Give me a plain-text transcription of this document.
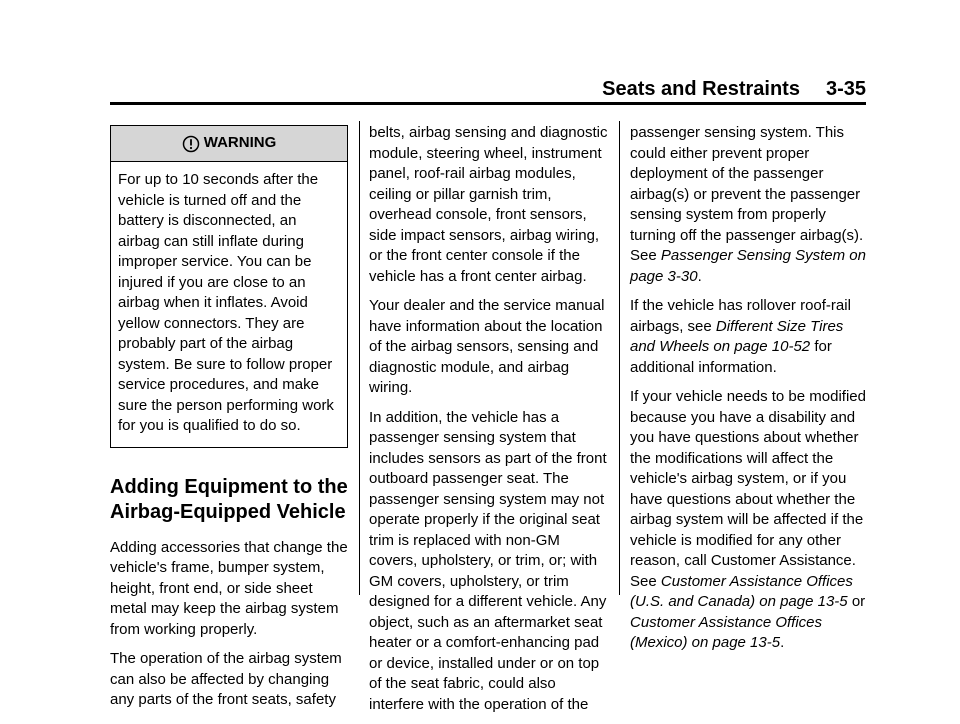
Seats and Restraints 3-35
WARNING
For up to 10 seconds after the vehicle is turned off and the battery is disconnected, an airbag can still inflate during improper service. You can be injured if you are close to an airbag when it inflates. Avoid yellow connectors. They are probably part of the airbag system. Be sure to follow proper service procedures, and make sure the person performing work for you is qualified to do so.
Adding Equipment to the Airbag-Equipped Vehicle

Adding accessories that change the vehicle's frame, bumper system, height, front end, or side sheet metal may keep the airbag system from working properly.

The operation of the airbag system can also be affected by changing any parts of the front seats, safety

belts, airbag sensing and diagnostic module, steering wheel, instrument panel, roof-rail airbag modules, ceiling or pillar garnish trim, overhead console, front sensors, side impact sensors, airbag wiring, or the front center console if the vehicle has a front center airbag.

Your dealer and the service manual have information about the location of the airbag sensors, sensing and diagnostic module, and airbag wiring.

In addition, the vehicle has a passenger sensing system that includes sensors as part of the front outboard passenger seat. The passenger sensing system may not operate properly if the original seat trim is replaced with non-GM covers, upholstery, or trim, or; with GM covers, upholstery, or trim designed for a different vehicle. Any object, such as an aftermarket seat heater or a comfort-enhancing pad or device, installed under or on top of the seat fabric, could also interfere with the operation of the

passenger sensing system. This could either prevent proper deployment of the passenger airbag(s) or prevent the passenger sensing system from properly turning off the passenger airbag(s). See Passenger Sensing System on page 3-30.

If the vehicle has rollover roof-rail airbags, see Different Size Tires and Wheels on page 10-52 for additional information.

If your vehicle needs to be modified because you have a disability and you have questions about whether the modifications will affect the vehicle's airbag system, or if you have questions about whether the airbag system will be affected if the vehicle is modified for any other reason, call Customer Assistance. See Customer Assistance Offices (U.S. and Canada) on page 13-5 or Customer Assistance Offices (Mexico) on page 13-5.
